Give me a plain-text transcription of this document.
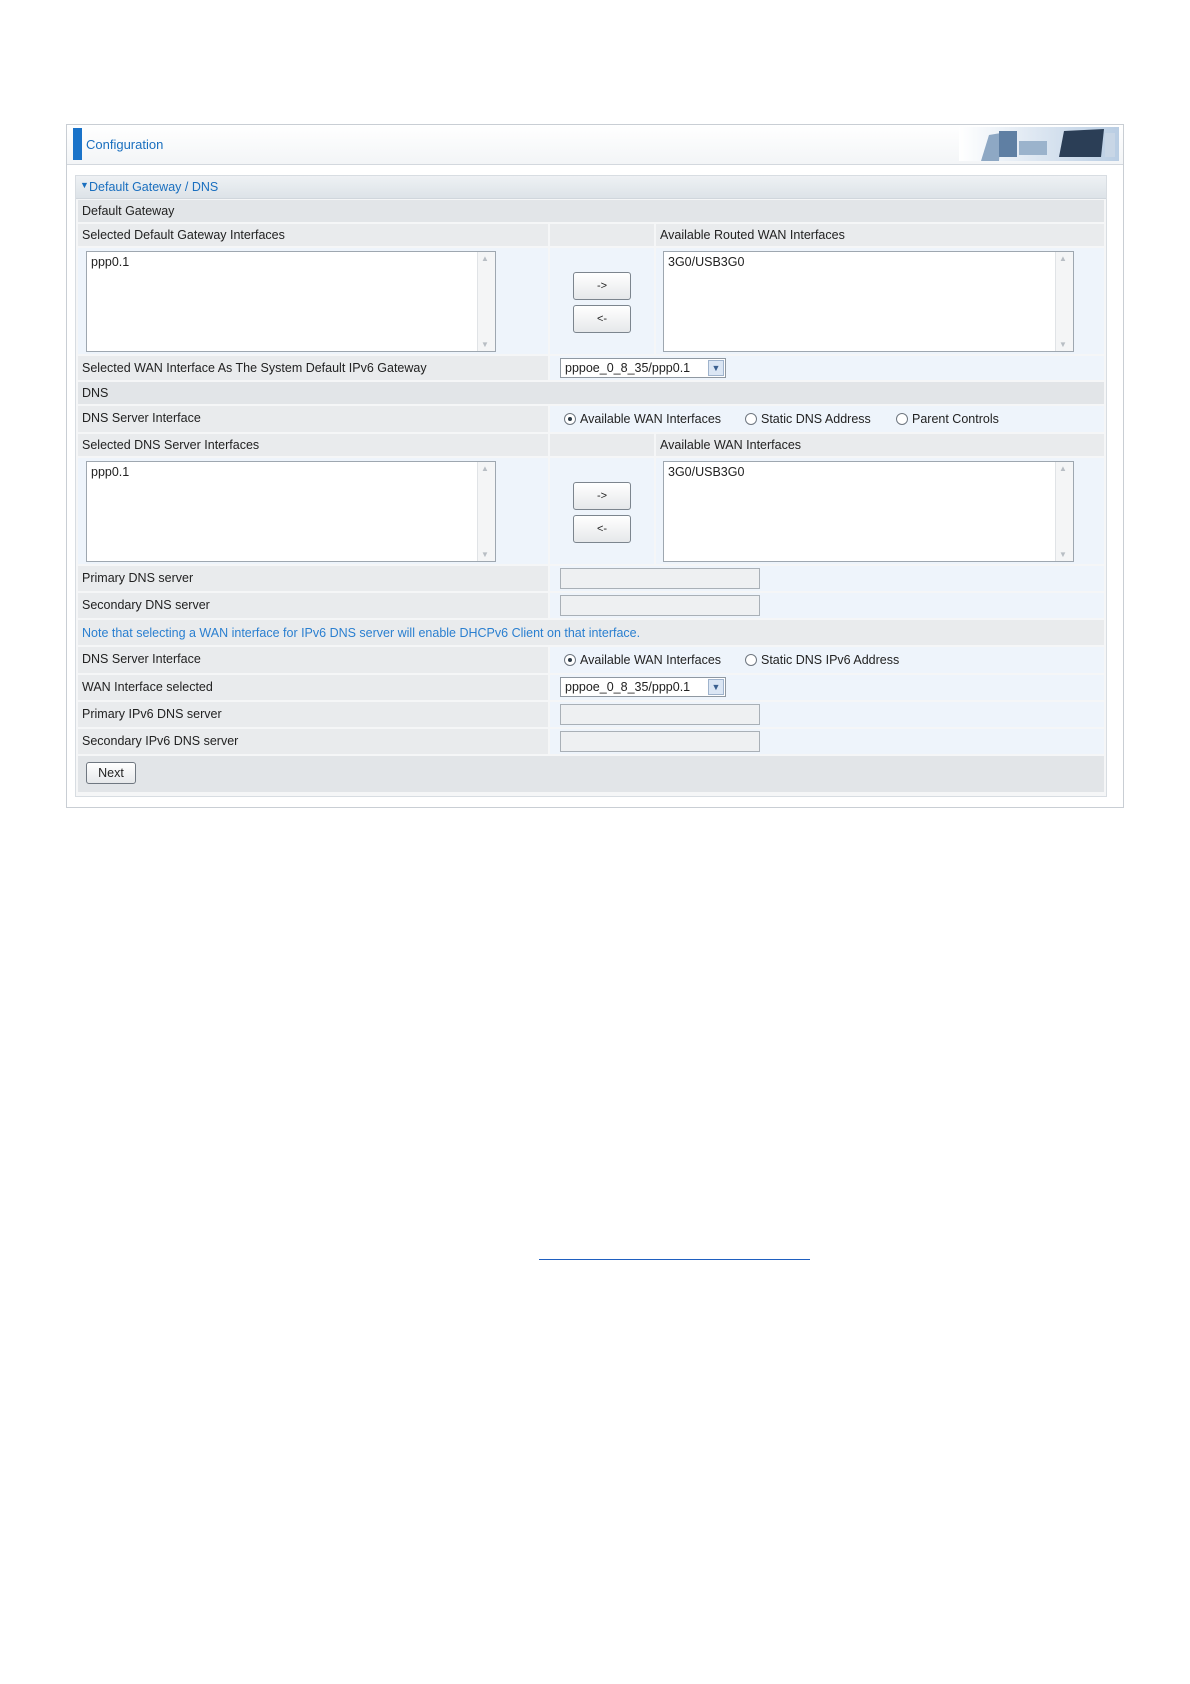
Configuration
▼ Default Gateway / DNS
Default Gateway
Selected Default Gateway Interfaces	Available Routed WAN Interfaces
ppp0.1	▲
▼
->
<-
3G0/USB3G0	▲
▼
Selected WAN Interface As The System Default IPv6 Gateway	pppoe_0_8_35/ppp0.1	▼
DNS
DNS Server Interface	Available WAN Interfaces	Static DNS Address	Parent Controls
Selected DNS Server Interfaces	Available WAN Interfaces
ppp0.1	▲
▼
->
<-
3G0/USB3G0	▲
▼
Primary DNS server
Secondary DNS server
Note that selecting a WAN interface for IPv6 DNS server will enable DHCPv6 Client on that interface.
DNS Server Interface	Available WAN Interfaces	Static DNS IPv6 Address
WAN Interface selected	pppoe_0_8_35/ppp0.1	▼
Primary IPv6 DNS server
Secondary IPv6 DNS server
Next
